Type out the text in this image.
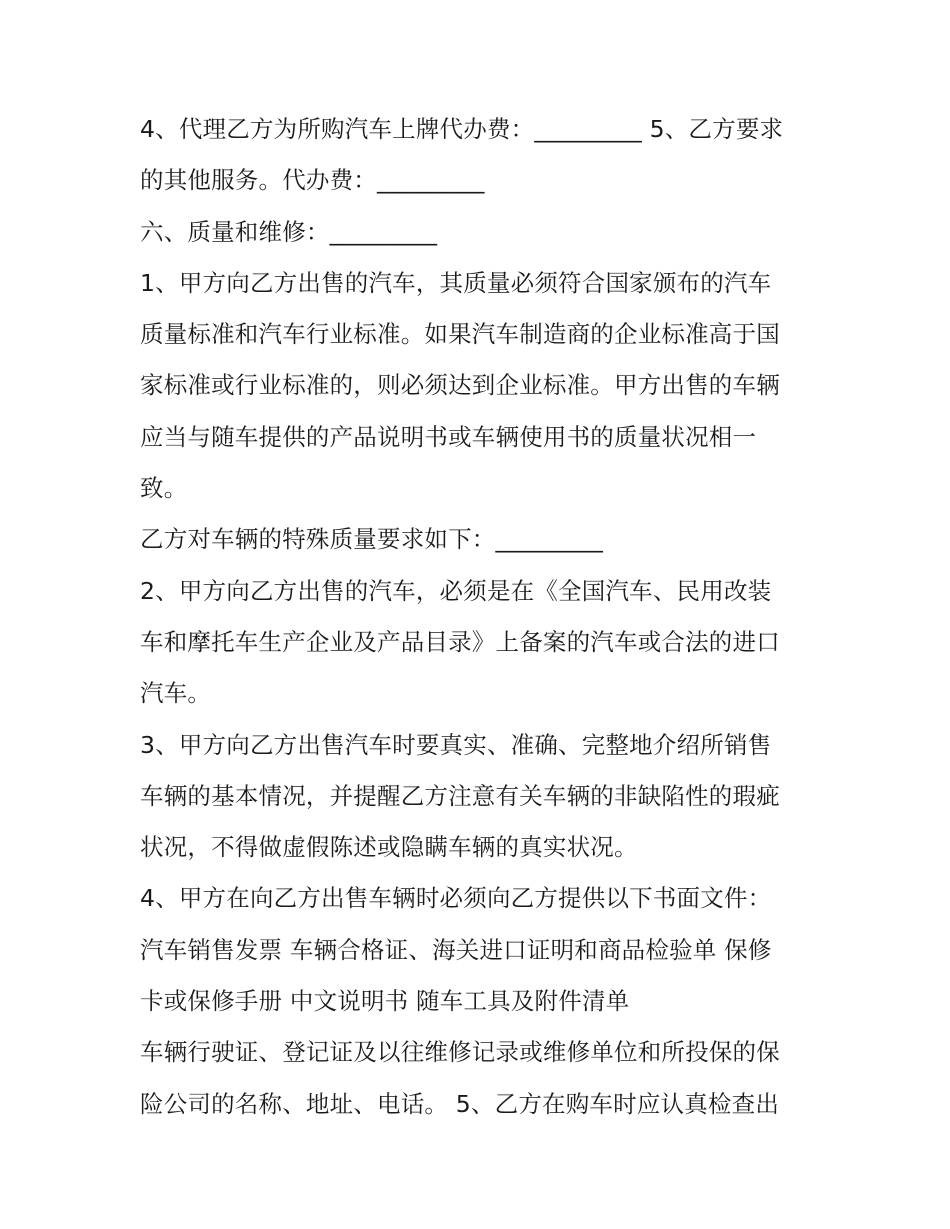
4、代理乙方为所购汽车上牌代办费：_________ 5、乙方要求
的其他服务。代办费：_________
六、质量和维修：_________
1、甲方向乙方出售的汽车，其质量必须符合国家颁布的汽车
质量标准和汽车行业标准。如果汽车制造商的企业标准高于国
家标准或行业标准的，则必须达到企业标准。甲方出售的车辆
应当与随车提供的产品说明书或车辆使用书的质量状况相一
致。
乙方对车辆的特殊质量要求如下：_________
2、甲方向乙方出售的汽车，必须是在《全国汽车、民用改装
车和摩托车生产企业及产品目录》上备案的汽车或合法的进口
汽车。
3、甲方向乙方出售汽车时要真实、准确、完整地介绍所销售
车辆的基本情况，并提醒乙方注意有关车辆的非缺陷性的瑕疵
状况，不得做虚假陈述或隐瞒车辆的真实状况。
4、甲方在向乙方出售车辆时必须向乙方提供以下书面文件：
汽车销售发票 车辆合格证、海关进口证明和商品检验单 保修
卡或保修手册 中文说明书 随车工具及附件清单
车辆行驶证、登记证及以往维修记录或维修单位和所投保的保
险公司的名称、地址、电话。 5、乙方在购车时应认真检查出
